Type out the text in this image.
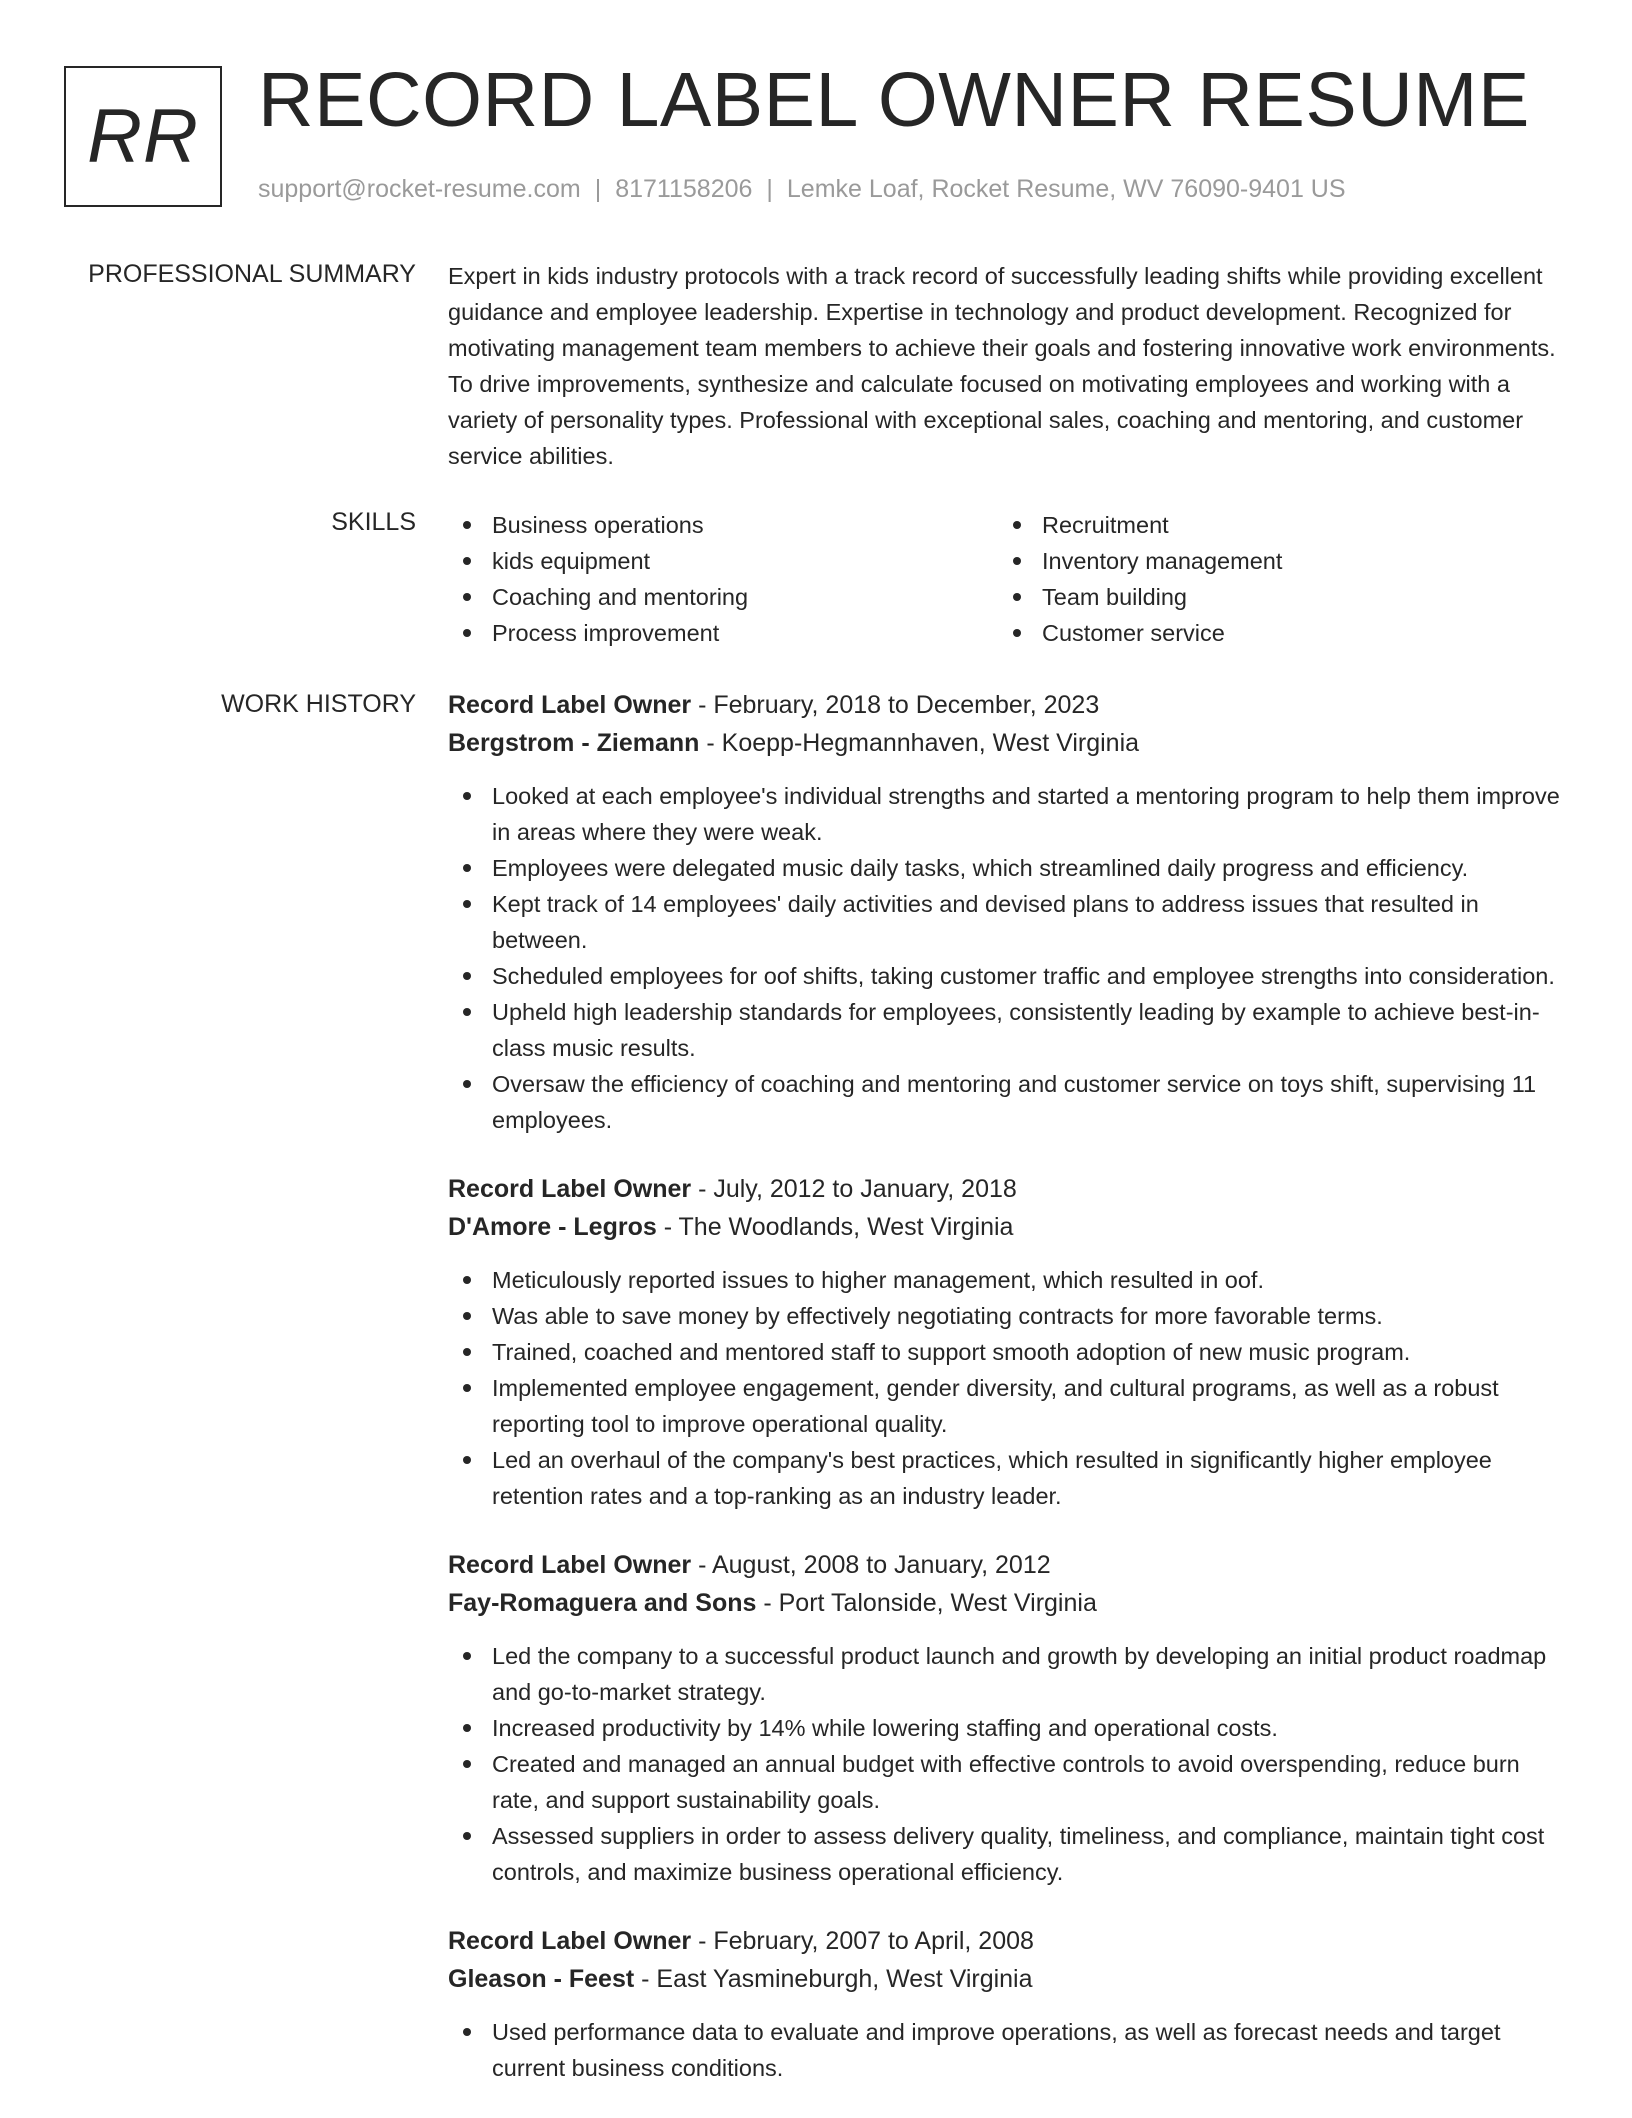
RR RECORD LABEL OWNER RESUME
support@rocket-resume.com | 8171158206 | Lemke Loaf, Rocket Resume, WV 76090-9401 US
PROFESSIONAL SUMMARY Expert in kids industry protocols with a track record of successfully leading shifts while providing excellent guidance and employee leadership. Expertise in technology and product development. Recognized for motivating management team members to achieve their goals and fostering innovative work environments. To drive improvements, synthesize and calculate focused on motivating employees and working with a variety of personality types. Professional with exceptional sales, coaching and mentoring, and customer service abilities.

SKILLS	Business operations
kids equipment
Coaching and mentoring
Process improvement
Recruitment
Inventory management
Team building
Customer service
WORK HISTORY Record Label Owner - February, 2018 to December, 2023
Bergstrom - Ziemann - Koepp-Hegmannhaven, West Virginia
Looked at each employee's individual strengths and started a mentoring program to help them improve in areas where they were weak.
Employees were delegated music daily tasks, which streamlined daily progress and efficiency.
Kept track of 14 employees' daily activities and devised plans to address issues that resulted in between.
Scheduled employees for oof shifts, taking customer traffic and employee strengths into consideration.
Upheld high leadership standards for employees, consistently leading by example to achieve best-in-class music results.
Oversaw the efficiency of coaching and mentoring and customer service on toys shift, supervising 11 employees.
Record Label Owner - July, 2012 to January, 2018
D'Amore - Legros - The Woodlands, West Virginia
Meticulously reported issues to higher management, which resulted in oof.
Was able to save money by effectively negotiating contracts for more favorable terms.
Trained, coached and mentored staff to support smooth adoption of new music program.
Implemented employee engagement, gender diversity, and cultural programs, as well as a robust reporting tool to improve operational quality.
Led an overhaul of the company's best practices, which resulted in significantly higher employee retention rates and a top-ranking as an industry leader.
Record Label Owner - August, 2008 to January, 2012
Fay-Romaguera and Sons - Port Talonside, West Virginia
Led the company to a successful product launch and growth by developing an initial product roadmap and go-to-market strategy.
Increased productivity by 14% while lowering staffing and operational costs.
Created and managed an annual budget with effective controls to avoid overspending, reduce burn rate, and support sustainability goals.
Assessed suppliers in order to assess delivery quality, timeliness, and compliance, maintain tight cost controls, and maximize business operational efficiency.
Record Label Owner - February, 2007 to April, 2008
Gleason - Feest - East Yasmineburgh, West Virginia
Used performance data to evaluate and improve operations, as well as forecast needs and target current business conditions.
